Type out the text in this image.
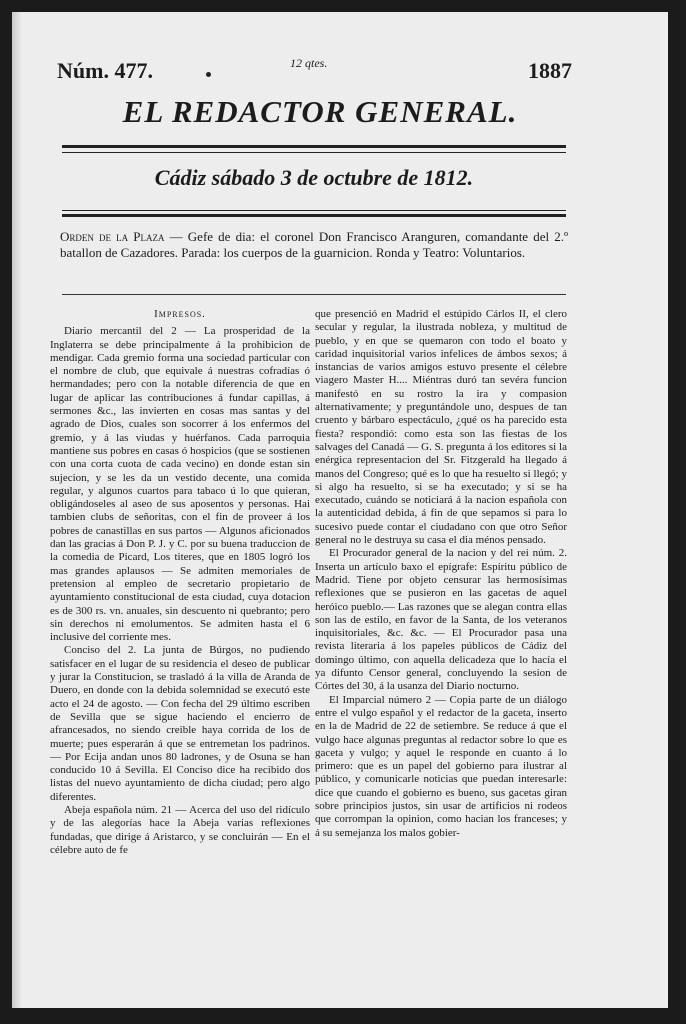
Núm. 477.	12 qtes.	1887
EL REDACTOR GENERAL.
Cádiz sábado 3 de octubre de 1812.
Orden de la Plaza — Gefe de dia: el coronel Don Francisco Aranguren, comandante del 2.º batallon de Cazadores. Parada: los cuerpos de la guarnicion. Ronda y Teatro: Voluntarios.
Impresos.

Diario mercantil del 2 — La prosperidad de la Inglaterra se debe principalmente á la prohibicion de mendigar. Cada gremio forma una sociedad particular con el nombre de club, que equivale á nuestras cofradías ó hermandades; pero con la notable diferencia de que en lugar de aplicar las contribuciones á fundar capillas, á sermones &c., las invierten en cosas mas santas y del agrado de Dios, cuales son socorrer á los enfermos del gremio, y á las viudas y huérfanos. Cada parroquia mantiene sus pobres en casas ó hospicios (que se sostienen con una corta cuota de cada vecino) en donde estan sin sujecion, y se les da un vestido decente, una comida regular, y algunos cuartos para tabaco ú lo que quieran, obligándoseles al aseo de sus aposentos y personas. Hai tambien clubs de señoritas, con el fin de proveer á los pobres de canastillas en sus partos — Algunos aficionados dan las gracias á Don P. J. y C. por su buena traduccion de la comedia de Picard, Los titeres, que en 1805 logró los mas grandes aplausos — Se admiten memoriales de pretension al empleo de secretario propietario de ayuntamiento constitucional de esta ciudad, cuya dotacion es de 300 rs. vn. anuales, sin descuento ni quebranto; pero sin derechos ni emolumentos. Se admiten hasta el 6 inclusive del corriente mes.

Conciso del 2. La junta de Búrgos, no pudiendo satisfacer en el lugar de su residencia el deseo de publicar y jurar la Constitucion, se trasladó á la villa de Aranda de Duero, en donde con la debida solemnidad se executó este acto el 24 de agosto. — Con fecha del 29 último escriben de Sevilla que se sigue haciendo el encierro de afrancesados, no siendo creible haya corrida de los de muerte; pues esperarán á que se entremetan los padrinos. — Por Ecija andan unos 80 ladrones, y de Osuna se han conducido 10 á Sevilla. El Conciso dice ha recibido dos listas del nuevo ayuntamiento de dicha ciudad; pero algo diferentes.

Abeja española núm. 21 — Acerca del uso del ridículo y de las alegorías hace la Abeja varias reflexiones fundadas, que dirige á Aristarco, y se concluirán — En el célebre auto de fe

que presenció en Madrid el estúpido Cárlos II, el clero secular y regular, la ilustrada nobleza, y multitud de pueblo, y en que se quemaron con todo el boato y caridad inquisitorial varios infelices de ámbos sexos; á instancias de varios amigos estuvo presente el célebre viagero Master H.... Miéntras duró tan sevéra funcion manifestó en su rostro la ira y compasion alternativamente; y preguntándole uno, despues de tan cruento y bárbaro espectáculo, ¿qué os ha parecido esta fiesta? respondió: como esta son las fiestas de los salvages del Canadá — G. S. pregunta á los editores si la enérgica representacion del Sr. Fitzgerald ha llegado á manos del Congreso; qué es lo que ha resuelto si llegó; y si algo ha resuelto, si se ha executado; y si se ha executado, cuándo se noticiará á la nacion española con la autenticidad debida, á fin de que sepamos si para lo sucesivo puede contar el ciudadano con que otro Señor general no le destruya su casa el dia ménos pensado.

El Procurador general de la nacion y del rei núm. 2. Inserta un artículo baxo el epígrafe: Espíritu público de Madrid. Tiene por objeto censurar las hermosísimas reflexiones que se pusieron en las gacetas de aquel heróico pueblo.— Las razones que se alegan contra ellas son las de estilo, en favor de la Santa, de los veteranos inquisitoriales, &c. &c. — El Procurador pasa una revista literaria á los papeles públicos de Cádiz del domingo último, con aquella delicadeza que lo hacía el ya difunto Censor general, concluyendo la sesion de Córtes del 30, á la usanza del Diario nocturno.

El Imparcial número 2 — Copia parte de un diálogo entre el vulgo español y el redactor de la gaceta, inserto en la de Madrid de 22 de setiembre. Se reduce á que el vulgo hace algunas preguntas al redactor sobre lo que es gaceta y vulgo; y aquel le responde en cuanto á lo primero: que es un papel del gobierno para ilustrar al público, y comunicarle noticias que puedan interesarle: dice que cuando el gobierno es bueno, sus gacetas giran sobre principios justos, sin usar de artificios ni rodeos que corrompan la opinion, como hacian los franceses; y á su semejanza los malos gobier-
